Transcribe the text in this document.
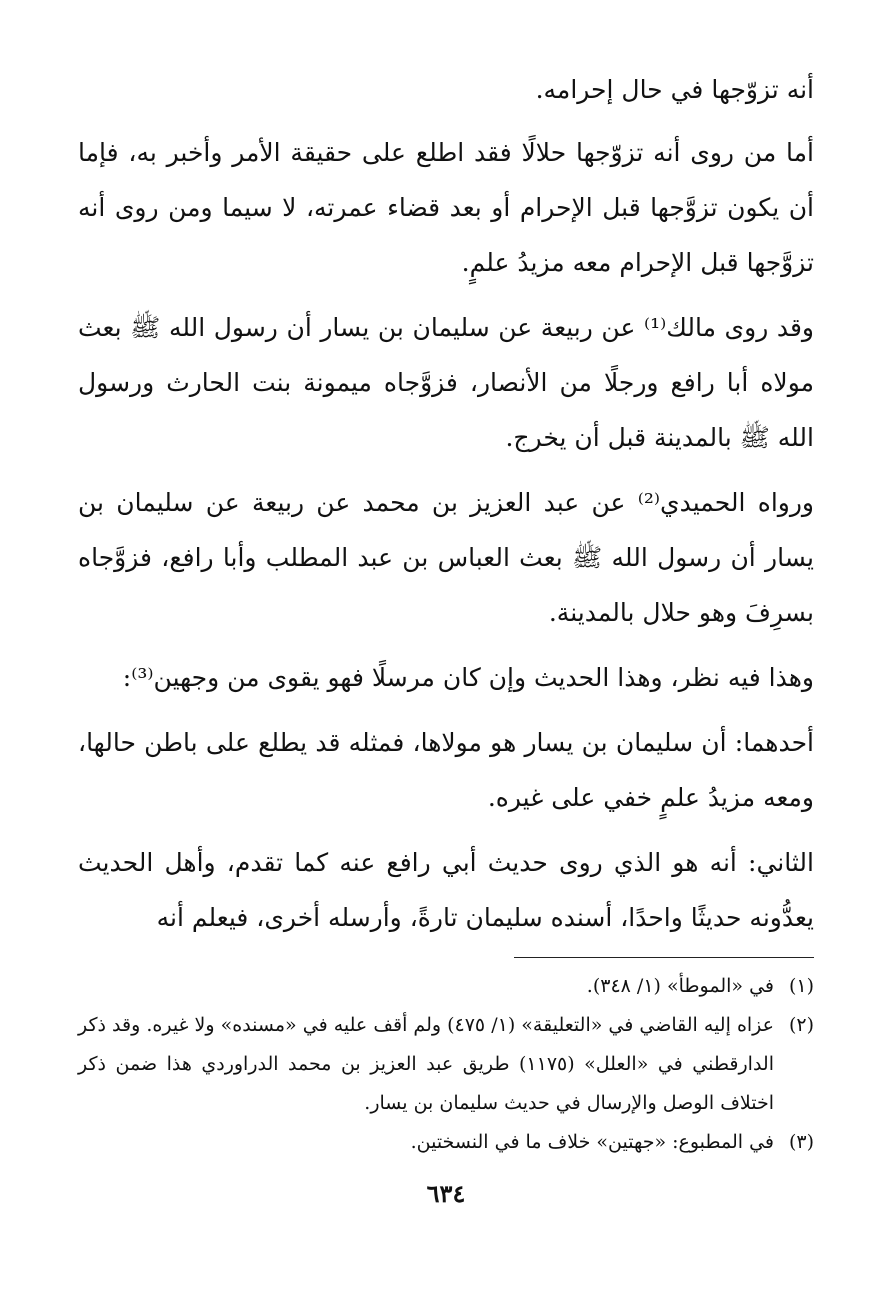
أنه تزوّجها في حال إحرامه.

أما من روى أنه تزوّجها حلالًا فقد اطلع على حقيقة الأمر وأخبر به، فإما أن يكون تزوَّجها قبل الإحرام أو بعد قضاء عمرته، لا سيما ومن روى أنه تزوَّجها قبل الإحرام معه مزيدُ علمٍ.

وقد روى مالك⁽¹⁾ عن ربيعة عن سليمان بن يسار أن رسول الله ﷺ بعث مولاه أبا رافع ورجلًا من الأنصار، فزوَّجاه ميمونة بنت الحارث ورسول الله ﷺ بالمدينة قبل أن يخرج.

ورواه الحميدي⁽²⁾ عن عبد العزيز بن محمد عن ربيعة عن سليمان بن يسار أن رسول الله ﷺ بعث العباس بن عبد المطلب وأبا رافع، فزوَّجاه بسرِفَ وهو حلال بالمدينة.

وهذا فيه نظر، وهذا الحديث وإن كان مرسلًا فهو يقوى من وجهين⁽³⁾:

أحدهما: أن سليمان بن يسار هو مولاها، فمثله قد يطلع على باطن حالها، ومعه مزيدُ علمٍ خفي على غيره.

الثاني: أنه هو الذي روى حديث أبي رافع عنه كما تقدم، وأهل الحديث يعدُّونه حديثًا واحدًا، أسنده سليمان تارةً، وأرسله أخرى، فيعلم أنه

(١)
في «الموطأ» (١/ ٣٤٨).

(٢)
عزاه إليه القاضي في «التعليقة» (١/ ٤٧٥) ولم أقف عليه في «مسنده» ولا غيره. وقد ذكر الدارقطني في «العلل» (١١٧٥) طريق عبد العزيز بن محمد الدراوردي هذا ضمن ذكر اختلاف الوصل والإرسال في حديث سليمان بن يسار.

(٣)
في المطبوع: «جهتين» خلاف ما في النسختين.

٦٣٤
